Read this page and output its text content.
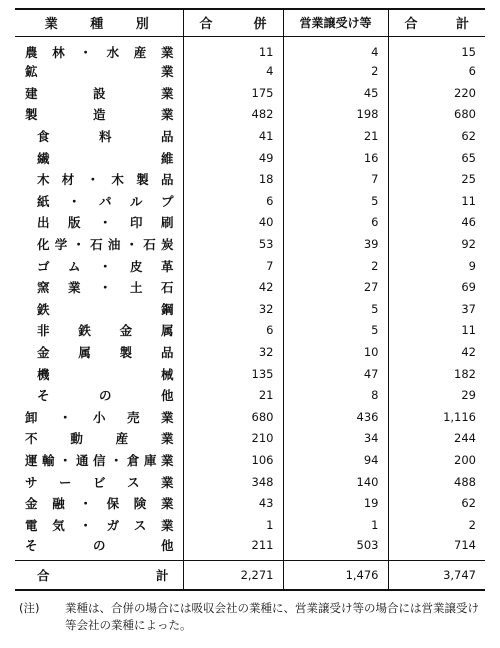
業 種 別	合 併	営業譲受け等	合 計

農林・水産業	11	4	15

鉱業	4	2	6

建設業	175	45	220

製造業	482	198	680

食料品	41	21	62

繊維	49	16	65

木材・木製品	18	7	25

紙・パルプ	6	5	11

出版・印刷	40	6	46

化学・石油・石炭	53	39	92

ゴム・皮革	7	2	9

窯業・土石	42	27	69

鉄鋼	32	5	37

非鉄金属	6	5	11

金属製品	32	10	42

機械	135	47	182

その他	21	8	29

卸・小売業	680	436	1,116

不動産業	210	34	244

運輸・通信・倉庫業	106	94	200

サービス業	348	140	488

金融・保険業	43	19	62

電気・ガス業	1	1	2

その他	211	503	714

合計	2,271	1,476	3,747
(注)	業種は、合併の場合には吸収会社の業種に、営業譲受け等の場合には営業譲受け等会社の業種によった。
